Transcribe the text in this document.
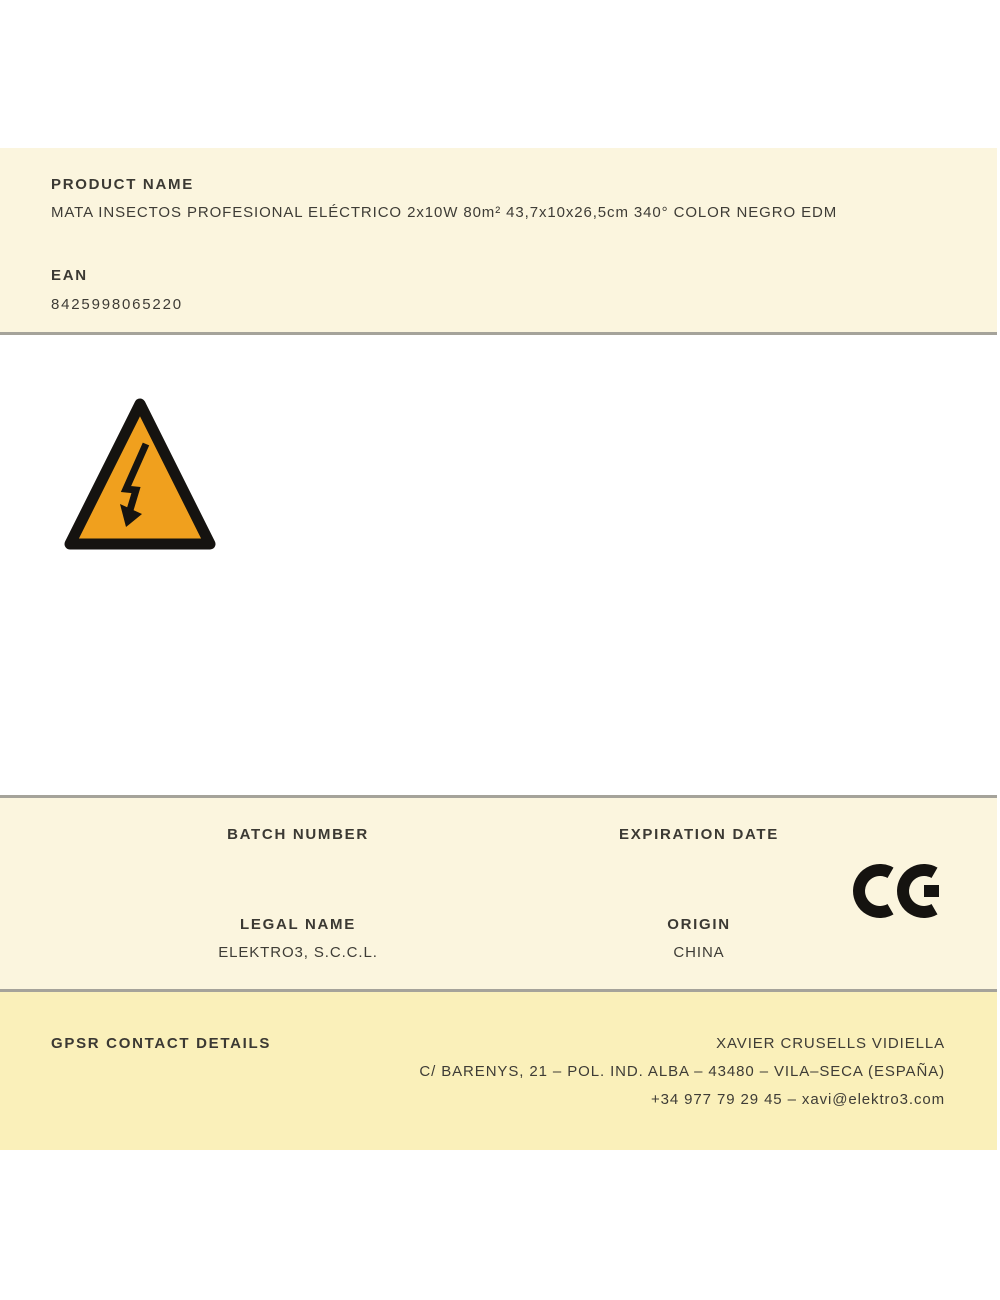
PRODUCT NAME
MATA INSECTOS PROFESIONAL ELÉCTRICO 2x10W 80m² 43,7x10x26,5cm 340° COLOR NEGRO EDM
EAN
8425998065220
BATCH NUMBER
LEGAL NAME
ELEKTRO3, S.C.C.L.
EXPIRATION DATE
ORIGIN
CHINA
GPSR CONTACT DETAILS	XAVIER CRUSELLS VIDIELLA
C/ BARENYS, 21 – POL. IND. ALBA – 43480 – VILA–SECA (ESPAÑA)
+34 977 79 29 45 – xavi@elektro3.com
